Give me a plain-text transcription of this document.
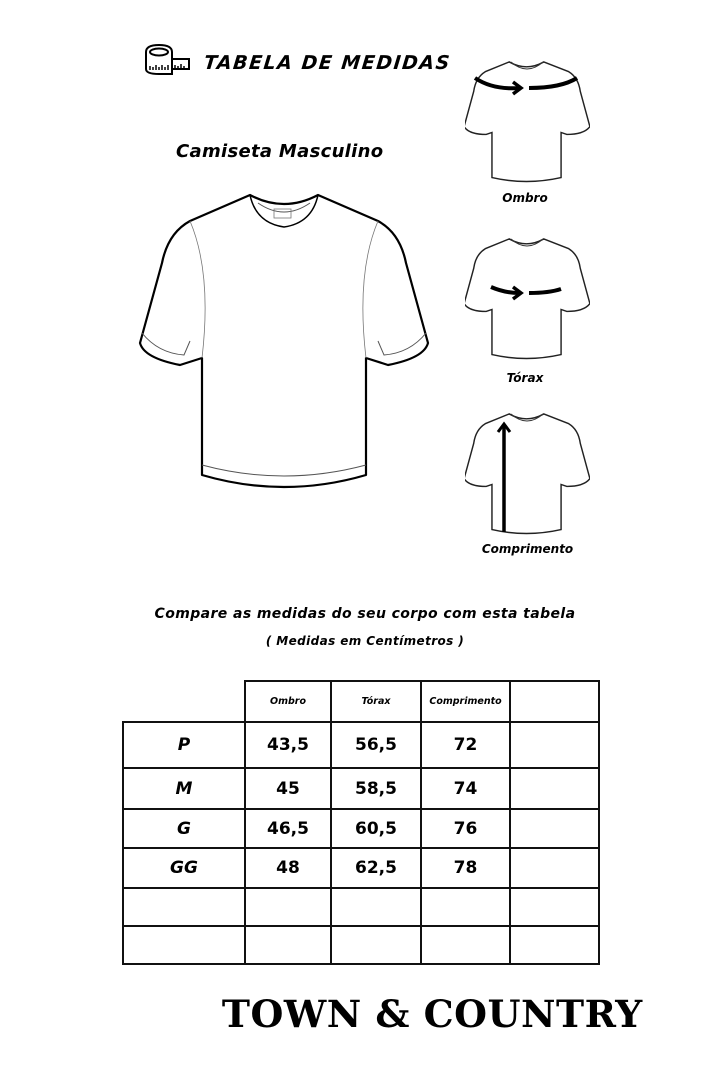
TABELA DE MEDIDAS
Camiseta Masculino
Ombro
Tórax
Comprimento
Compare as medidas do seu corpo com esta tabela
( Medidas em Centímetros )
	Ombro	Tórax	Comprimento	
P	43,5	56,5	72	
M	45	58,5	74	
G	46,5	60,5	76	
GG	48	62,5	78	

TOWN & COUNTRY
